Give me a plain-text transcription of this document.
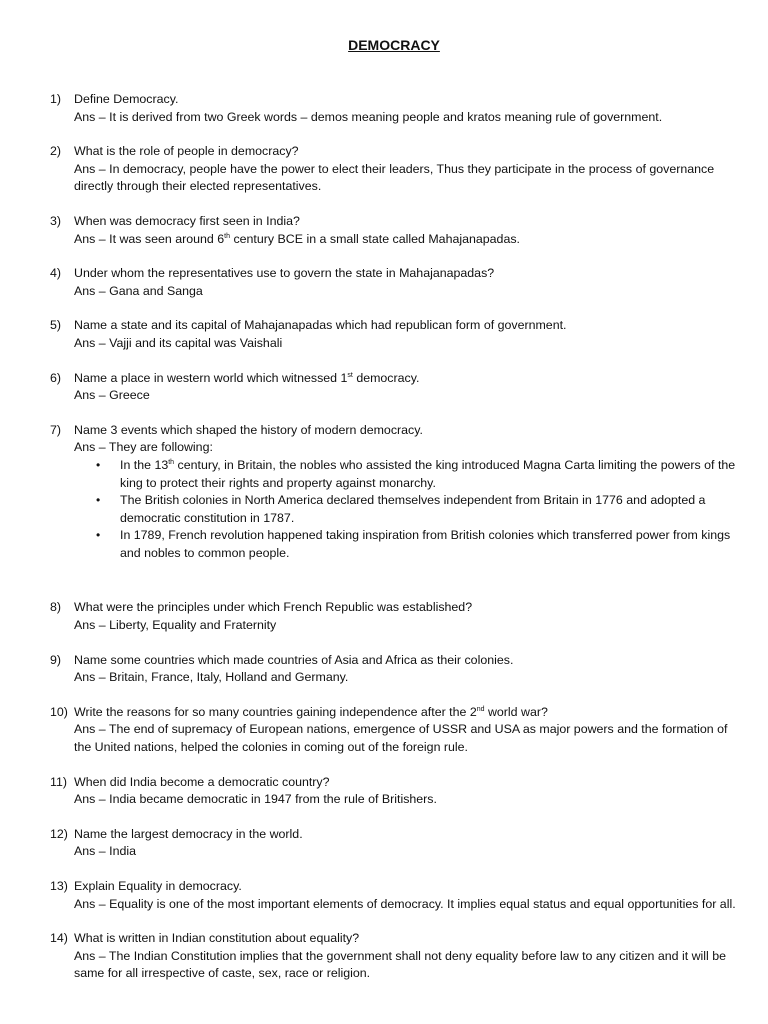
DEMOCRACY
1)	Define Democracy.
Ans – It is derived from two Greek words – demos meaning people and kratos meaning rule of government.
2)	What is the role of people in democracy?
Ans – In democracy, people have the power to elect their leaders, Thus they participate in the process of governance directly through their elected representatives.
3)	When was democracy first seen in India?
Ans – It was seen around 6th century BCE in a small state called Mahajanapadas.
4)	Under whom the representatives use to govern the state in Mahajanapadas?
Ans – Gana and Sanga
5)	Name a state and its capital of Mahajanapadas which had republican form of government.
Ans – Vajji and its capital was Vaishali
6)	Name a place in western world which witnessed 1st democracy.
Ans – Greece
7)	Name 3 events which shaped the history of modern democracy.
Ans – They are following:
• In the 13th century, in Britain, the nobles who assisted the king introduced Magna Carta limiting the powers of the king to protect their rights and property against monarchy.
• The British colonies in North America declared themselves independent from Britain in 1776 and adopted a democratic constitution in 1787.
• In 1789, French revolution happened taking inspiration from British colonies which transferred power from kings and nobles to common people.
8)	What were the principles under which French Republic was established?
Ans – Liberty, Equality and Fraternity
9)	Name some countries which made countries of Asia and Africa as their colonies.
Ans – Britain, France, Italy, Holland and Germany.
10) Write the reasons for so many countries gaining independence after the 2nd world war?
Ans – The end of supremacy of European nations, emergence of USSR and USA as major powers and the formation of the United nations, helped the colonies in coming out of the foreign rule.
11) When did India become a democratic country?
Ans – India became democratic in 1947 from the rule of Britishers.
12) Name the largest democracy in the world.
Ans – India
13) Explain Equality in democracy.
Ans – Equality is one of the most important elements of democracy. It implies equal status and equal opportunities for all.
14) What is written in Indian constitution about equality?
Ans – The Indian Constitution implies that the government shall not deny equality before law to any citizen and it will be same for all irrespective of caste, sex, race or religion.
